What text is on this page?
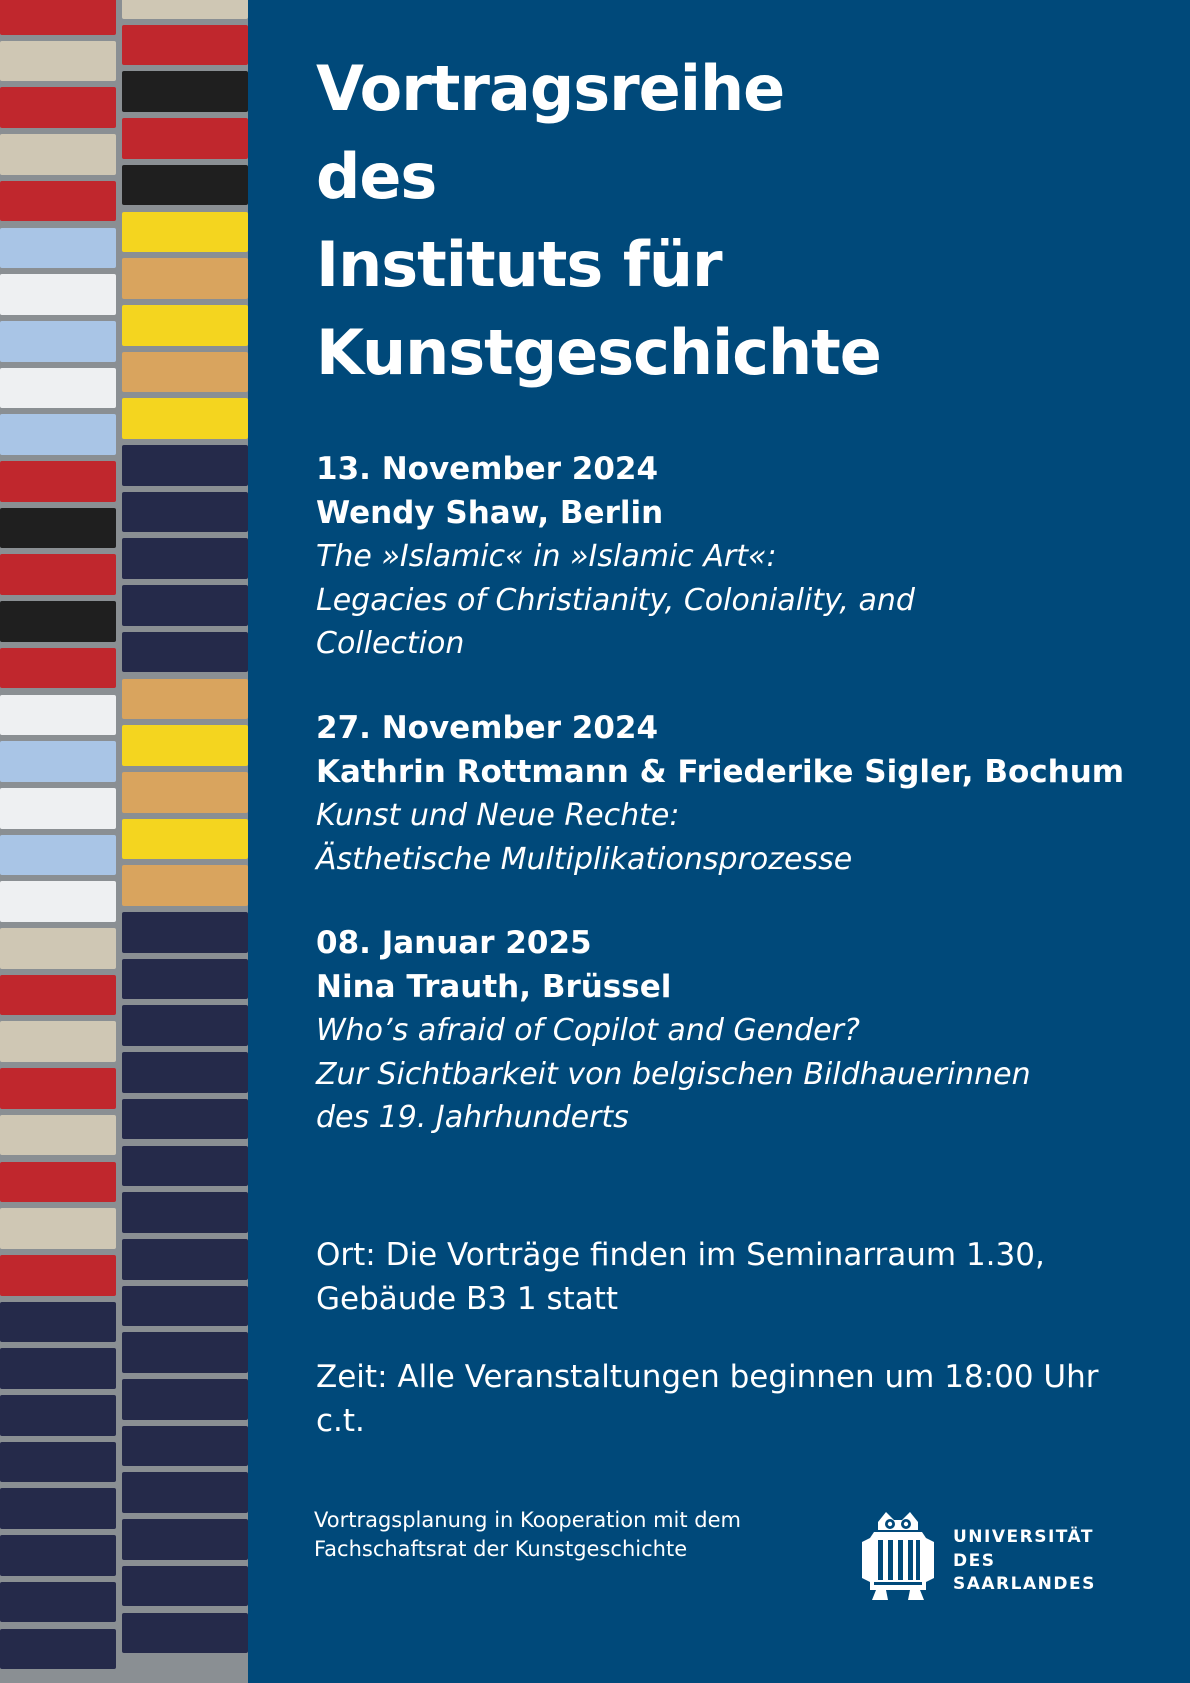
Vortragsreihe
des
Instituts für
Kunstgeschichte
13. November 2024
Wendy Shaw, Berlin
The »Islamic« in »Islamic Art«:
Legacies of Christianity, Coloniality, and
Collection
27. November 2024
Kathrin Rottmann & Friederike Sigler, Bochum
Kunst und Neue Rechte:
Ästhetische Multiplikationsprozesse
08. Januar 2025
Nina Trauth, Brüssel
Who’s afraid of Copilot and Gender?
Zur Sichtbarkeit von belgischen Bildhauerinnen
des 19. Jahrhunderts
Ort: Die Vorträge finden im Seminarraum 1.30,
Gebäude B3 1 statt
Zeit: Alle Veranstaltungen beginnen um 18:00 Uhr c.t.
Vortragsplanung in Kooperation mit dem
Fachschaftsrat der Kunstgeschichte	UNIVERSITÄT
DES
SAARLANDES
